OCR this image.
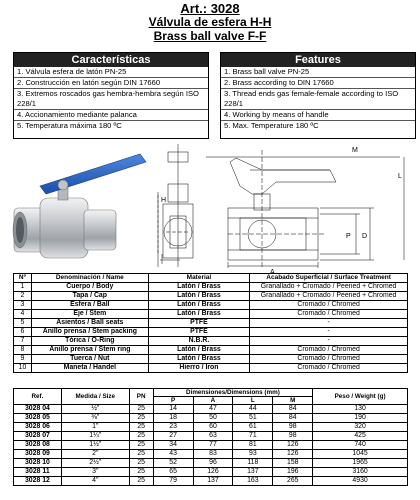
Art.: 3028
Válvula de esfera H-H
Brass ball valve F-F
Características
1. Válvula esfera de latón PN-25
2. Construcción en latón según DIN 17660
3. Extremos roscados gas hembra-hembra según ISO 228/1
4. Accionamiento mediante palanca
5. Temperatura máxima 180 ºC
Features
1. Brass ball valve PN-25
2. Brass according to DIN 17660
3. Thread ends gas female-female according to ISO 228/1
4. Working by means of handle
5. Max. Temperature 180 ºC
H
M
L
A
P D
Nº	Denominación / Name	Material	Acabado Superficial / Surface Treatment
1	Cuerpo / Body	Latón / Brass	Granallado + Cromado / Peened + Chromed
2	Tapa / Cap	Latón / Brass	Granallado + Cromado / Peened + Chromed
3	Esfera / Ball	Latón / Brass	Cromado / Chromed
4	Eje / Stem	Latón / Brass	Cromado / Chromed
5	Asientos / Ball seats	PTFE	-
6	Anillo prensa / Stem packing	PTFE	-
7	Tórica / O-Ring	N.B.R.	-
8	Anillo prensa / Stem ring	Latón / Brass	Cromado / Chromed
9	Tuerca / Nut	Latón / Brass	Cromado / Chromed
10	Maneta / Handel	Hierro / Iron	Cromado / Chromed
Ref.	Medida / Size	PN	Dimensiones/Dimensions (mm)				Peso / Weight (g)
			P	A	L	M	
3028 04	½"	25	14	47	44	84	130
3028 05	⅜"	25	18	50	51	84	190
3028 06	1"	25	23	60	61	98	320
3028 07	1¼"	25	27	63	71	98	425
3028 08	1½"	25	34	77	81	126	740
3028 09	2"	25	43	83	93	126	1045
3028 10	2½"	25	52	96	118	158	1965
3028 11	3"	25	65	126	137	196	3160
3028 12	4"	25	79	137	163	265	4930
